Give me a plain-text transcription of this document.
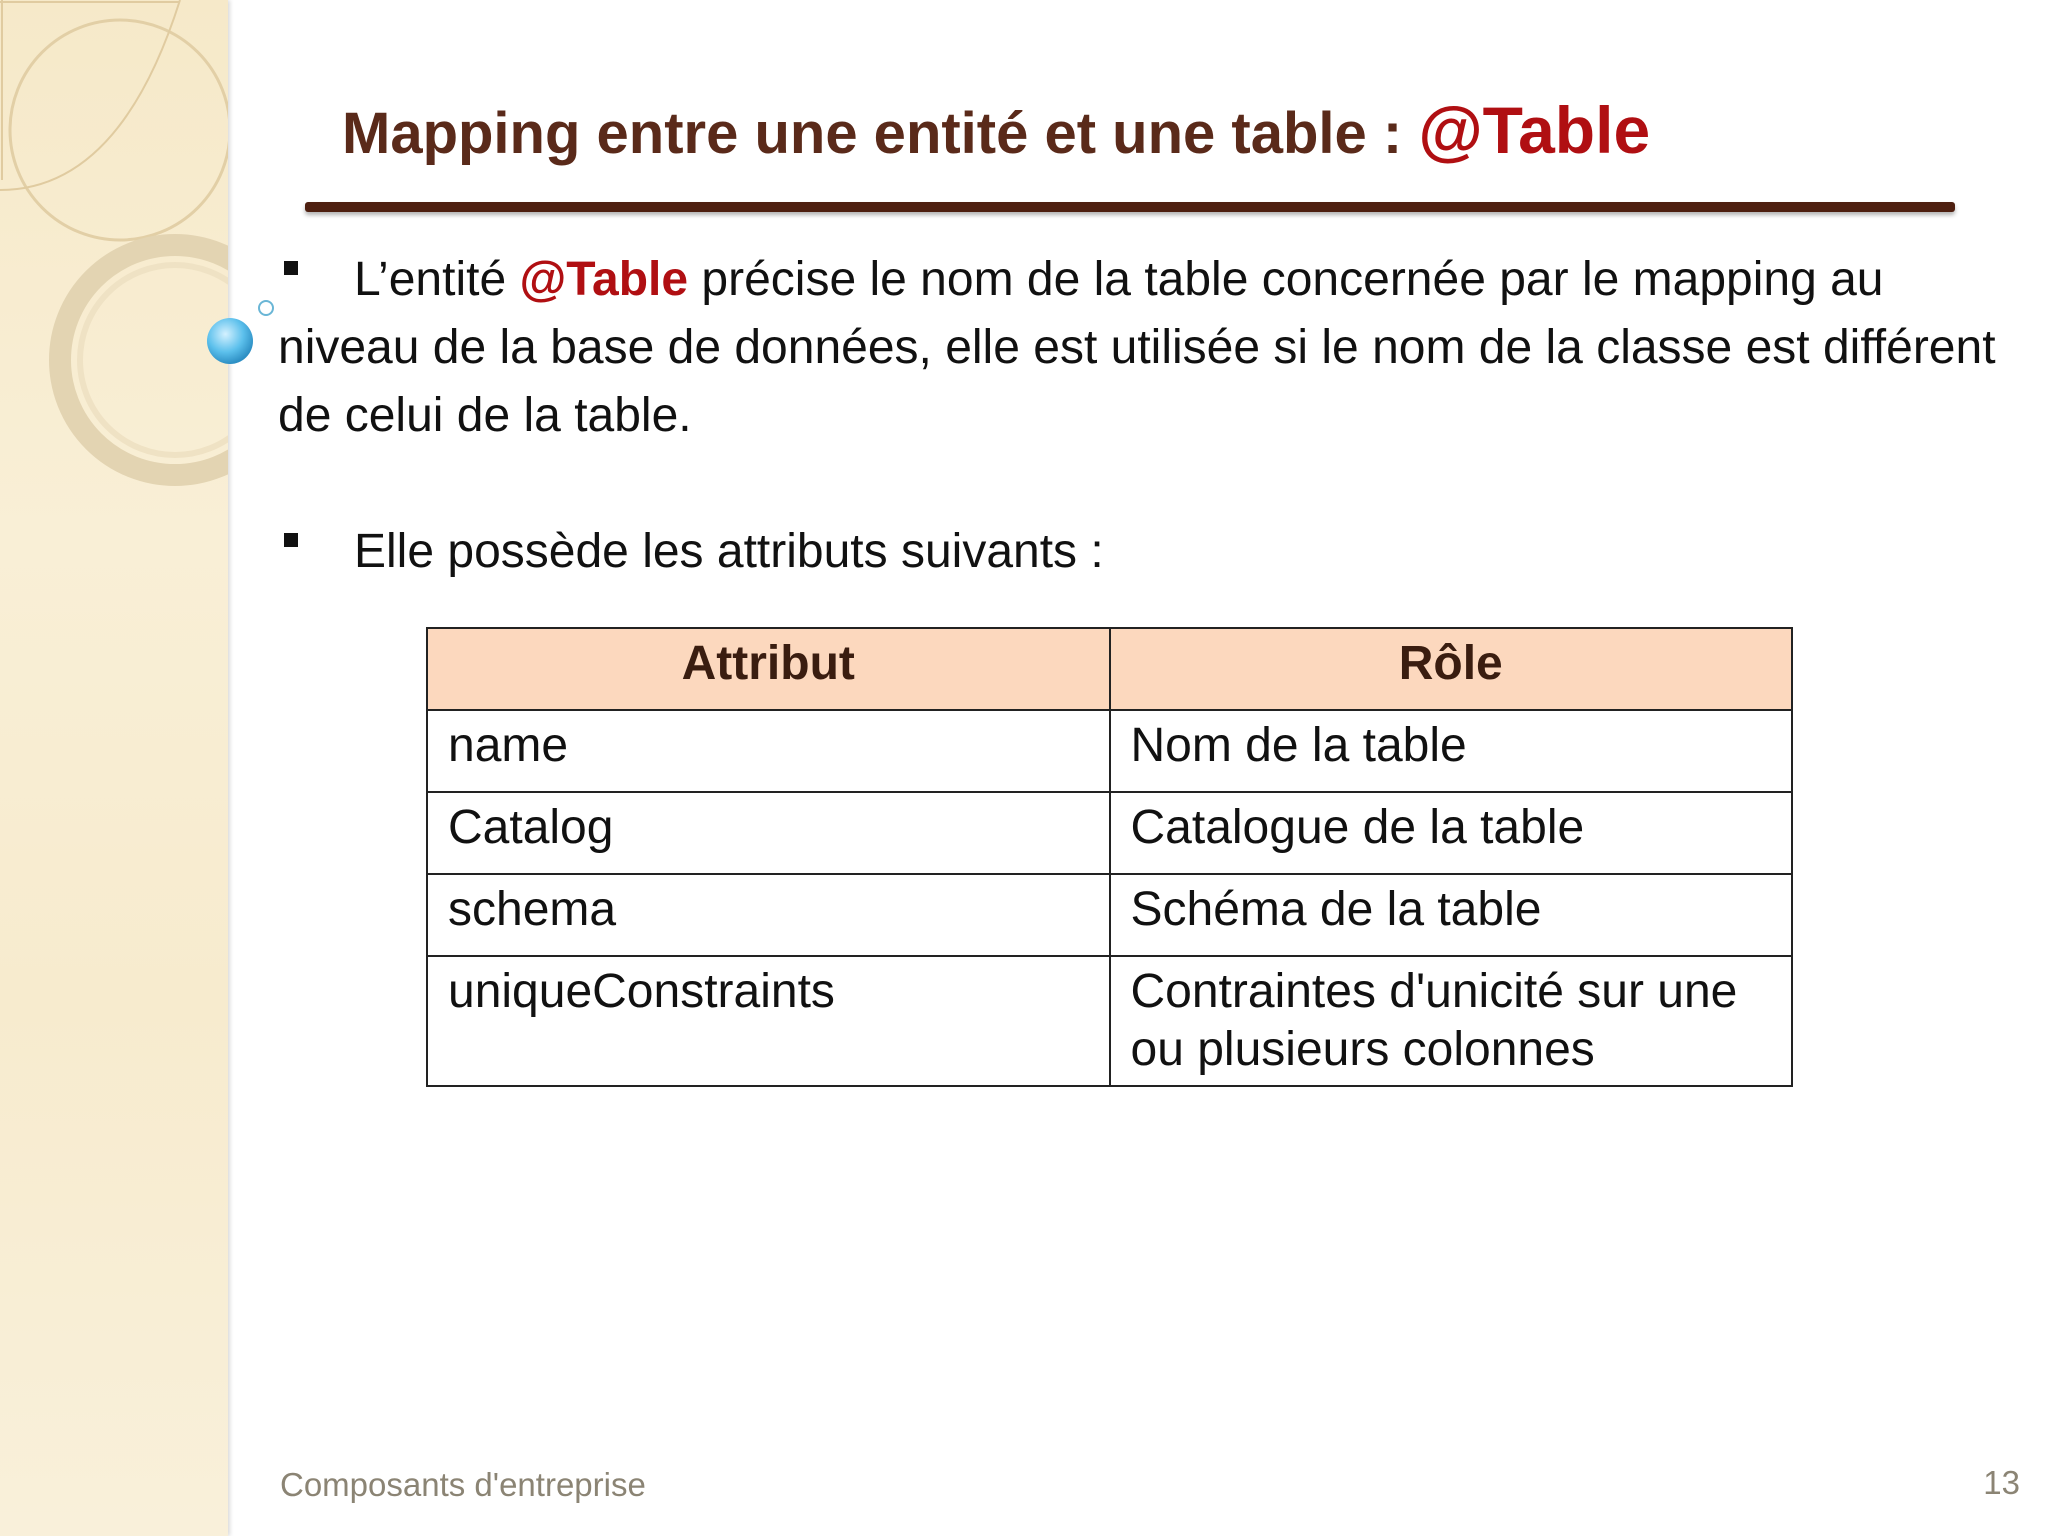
Mapping entre une entité et une table : @Table
L’entité @Table précise le nom de la table concernée par le mapping au niveau de la base de données, elle est utilisée si le nom de la classe est différent de celui de la table.
Elle possède les attributs suivants :
Attribut	Rôle
name	Nom de la table
Catalog	Catalogue de la table
schema	Schéma de la table
uniqueConstraints	Contraintes d'unicité sur une ou plusieurs colonnes
Composants d'entreprise	13
